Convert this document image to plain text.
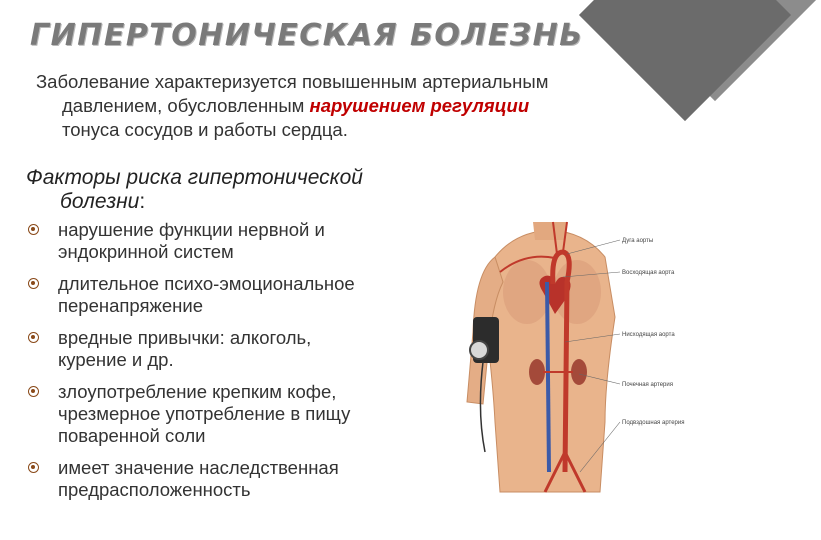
ГИПЕРТОНИЧЕСКАЯ БОЛЕЗНЬ
Заболевание характеризуется повышенным артериальным
давлением, обусловленным нарушением регуляции
тонуса сосудов и работы сердца.
Факторы риска гипертонической
болезни:
нарушение функции нервной и
эндокринной систем
длительное психо-эмоциональное
перенапряжение
вредные привычки: алкоголь,
курение и др.
злоупотребление крепким кофе,
чрезмерное употребление в пищу
поваренной соли
имеет значение наследственная
предрасположенность
Дуга аорты
Восходящая аорта
Нисходящая аорта
Почечная артерия
Подвздошная артерия
